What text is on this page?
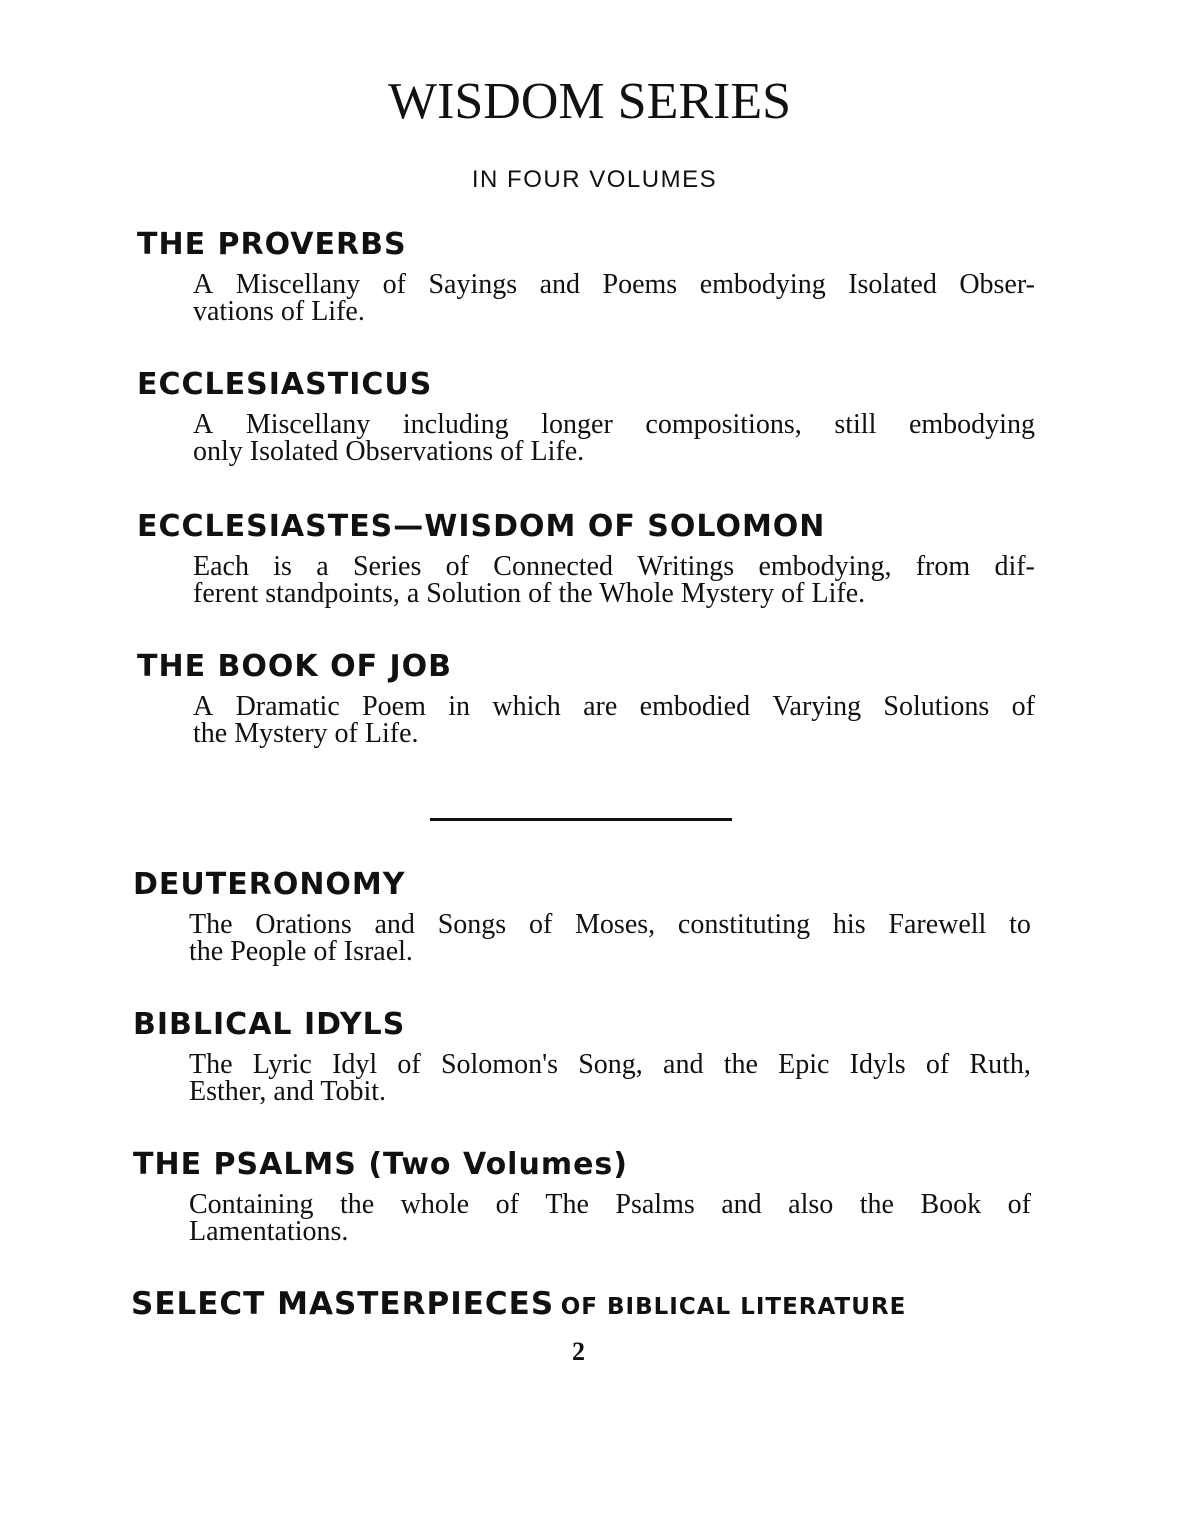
WISDOM SERIES
IN FOUR VOLUMES
THE PROVERBS
A Miscellany of Sayings and Poems embodying Isolated Obser-
vations of Life.
ECCLESIASTICUS
A Miscellany including longer compositions, still embodying
only Isolated Observations of Life.
ECCLESIASTES—WISDOM OF SOLOMON
Each is a Series of Connected Writings embodying, from dif-
ferent standpoints, a Solution of the Whole Mystery of Life.
THE BOOK OF JOB
A Dramatic Poem in which are embodied Varying Solutions of
the Mystery of Life.
DEUTERONOMY
The Orations and Songs of Moses, constituting his Farewell to
the People of Israel.
BIBLICAL IDYLS
The Lyric Idyl of Solomon's Song, and the Epic Idyls of Ruth,
Esther, and Tobit.
THE PSALMS (Two Volumes)
Containing the whole of The Psalms and also the Book of
Lamentations.
SELECT MASTERPIECES OF BIBLICAL LITERATURE
2
